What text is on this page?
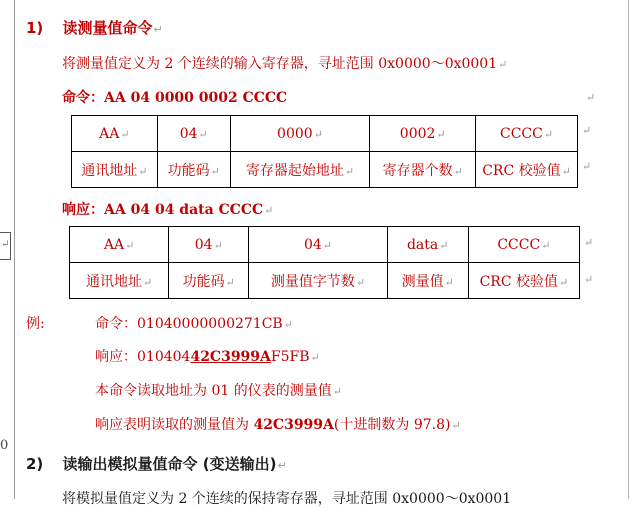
↵
0
1) 读测量值命令↵
将测量值定义为 2 个连续的输入寄存器，寻址范围 0x0000～0x0001↵
命令：AA 04 0000 0002 CCCC	↵
AA↵	04↵	0000↵	0002↵	CCCC↵
通讯地址↵	功能码↵	寄存器起始地址↵	寄存器个数↵	CRC 校验值↵
↵
↵
响应：AA 04 04 data CCCC↵
AA↵	04↵	04↵	data↵	CCCC↵
通讯地址↵	功能码↵	测量值字节数↵	测量值↵	CRC 校验值↵
↵
↵
例:	命令：01040000000271CB↵
响应：01040442C3999AF5FB↵
本命令读取地址为 01 的仪表的测量值↵
响应表明读取的测量值为 42C3999A(十进制数为 97.8)↵
2) 读输出模拟量值命令 (变送输出)↵
将模拟量值定义为 2 个连续的保持寄存器，寻址范围 0x0000～0x0001
